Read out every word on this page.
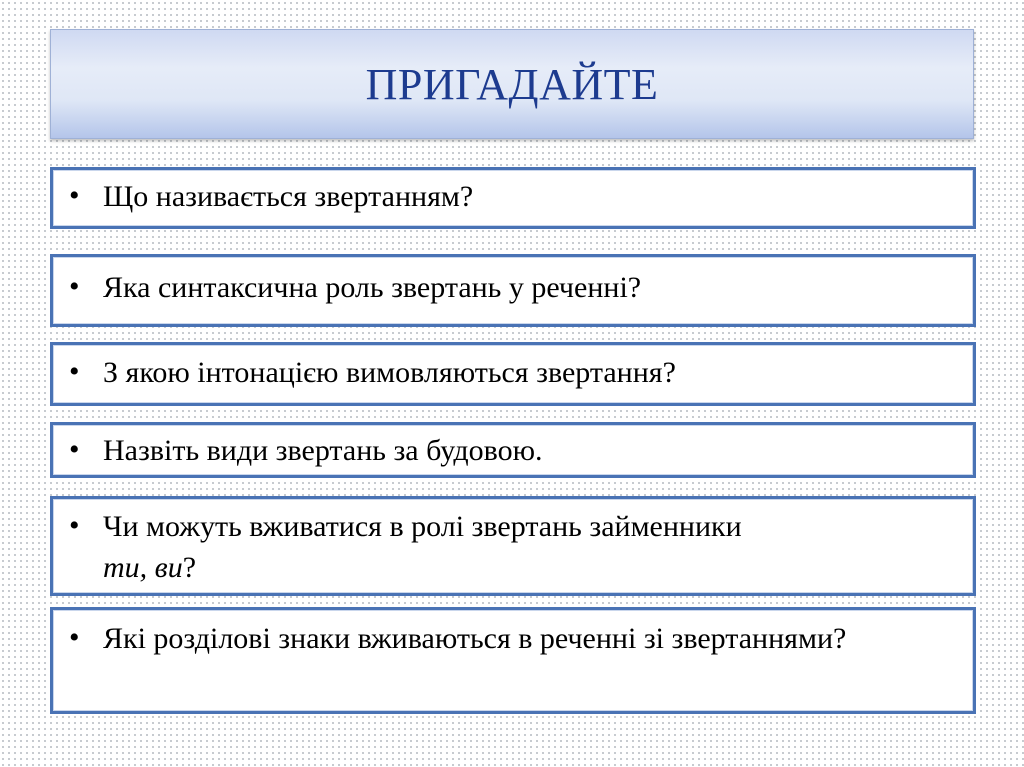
ПРИГАДАЙТЕ
• Що називається звертанням?
• Яка синтаксична роль звертань у реченні?
• З якою інтонацією вимовляються звертання?
• Назвіть види звертань за будовою.
• Чи можуть вживатися в ролі звертань займенники
ти, ви?
• Які розділові знаки вживаються в реченні зі звертаннями?
